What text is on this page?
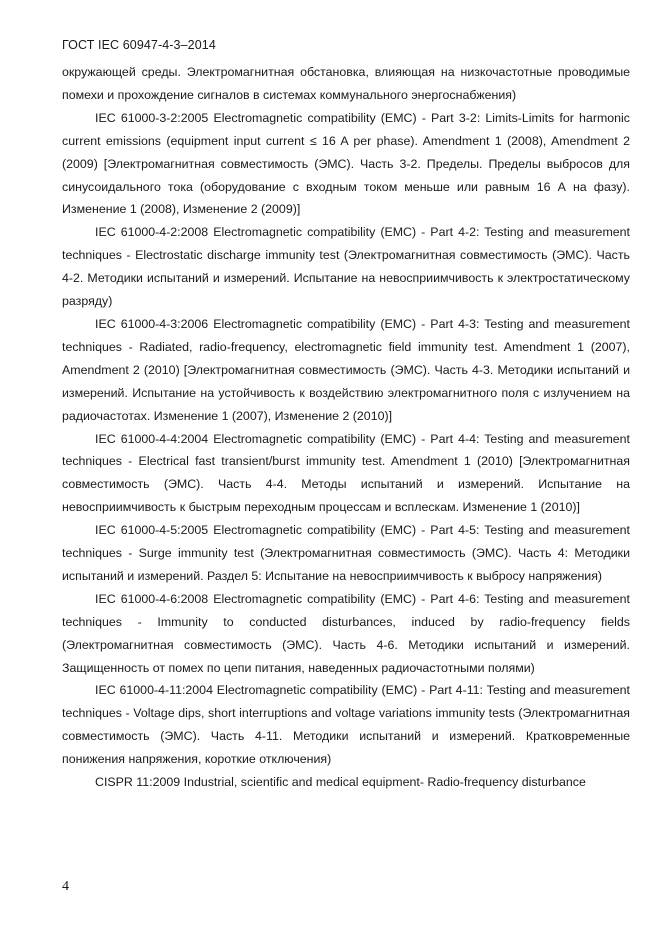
ГОСТ IEC 60947-4-3–2014

окружающей среды. Электромагнитная обстановка, влияющая на низкочастотные проводимые помехи и прохождение сигналов в системах коммунального энергоснабжения)

IEC 61000-3-2:2005 Electromagnetic compatibility (EMC) - Part 3-2: Limits-Limits for harmonic current emissions (equipment input current ≤ 16 A per phase). Amendment 1 (2008), Amendment 2 (2009) [Электромагнитная совместимость (ЭМС). Часть 3-2. Пределы. Пределы выбросов для синусоидального тока (оборудование с входным током меньше или равным 16 А на фазу). Изменение 1 (2008), Изменение 2 (2009)]

IEC 61000-4-2:2008 Electromagnetic compatibility (EMC) - Part 4-2: Testing and measurement techniques - Electrostatic discharge immunity test (Электромагнитная совместимость (ЭМС). Часть 4-2. Методики испытаний и измерений. Испытание на невосприимчивость к электростатическому разряду)

IEC 61000-4-3:2006 Electromagnetic compatibility (EMC) - Part 4-3: Testing and measurement techniques - Radiated, radio-frequency, electromagnetic field immunity test. Amendment 1 (2007), Amendment 2 (2010) [Электромагнитная совместимость (ЭМС). Часть 4-3. Методики испытаний и измерений. Испытание на устойчивость к воздействию электромагнитного поля с излучением на радиочастотах. Изменение 1 (2007), Изменение 2 (2010)]

IEC 61000-4-4:2004 Electromagnetic compatibility (EMC) - Part 4-4: Testing and measurement techniques - Electrical fast transient/burst immunity test. Amendment 1 (2010) [Электромагнитная совместимость (ЭМС). Часть 4-4. Методы испытаний и измерений. Испытание на невосприимчивость к быстрым переходным процессам и всплескам. Изменение 1 (2010)]

IEC 61000-4-5:2005 Electromagnetic compatibility (EMC) - Part 4-5: Testing and measurement techniques - Surge immunity test (Электромагнитная совместимость (ЭМС). Часть 4: Методики испытаний и измерений. Раздел 5: Испытание на невосприимчивость к выбросу напряжения)

IEC 61000-4-6:2008 Electromagnetic compatibility (EMC) - Part 4-6: Testing and measurement techniques - Immunity to conducted disturbances, induced by radio-frequency fields (Электромагнитная совместимость (ЭМС). Часть 4-6. Методики испытаний и измерений. Защищенность от помех по цепи питания, наведенных радиочастотными полями)

IEC 61000-4-11:2004 Electromagnetic compatibility (EMC) - Part 4-11: Testing and measurement techniques - Voltage dips, short interruptions and voltage variations immunity tests (Электромагнитная совместимость (ЭМС). Часть 4-11. Методики испытаний и измерений. Кратковременные понижения напряжения, короткие отключения)

CISPR 11:2009 Industrial, scientific and medical equipment- Radio-frequency disturbance

4
